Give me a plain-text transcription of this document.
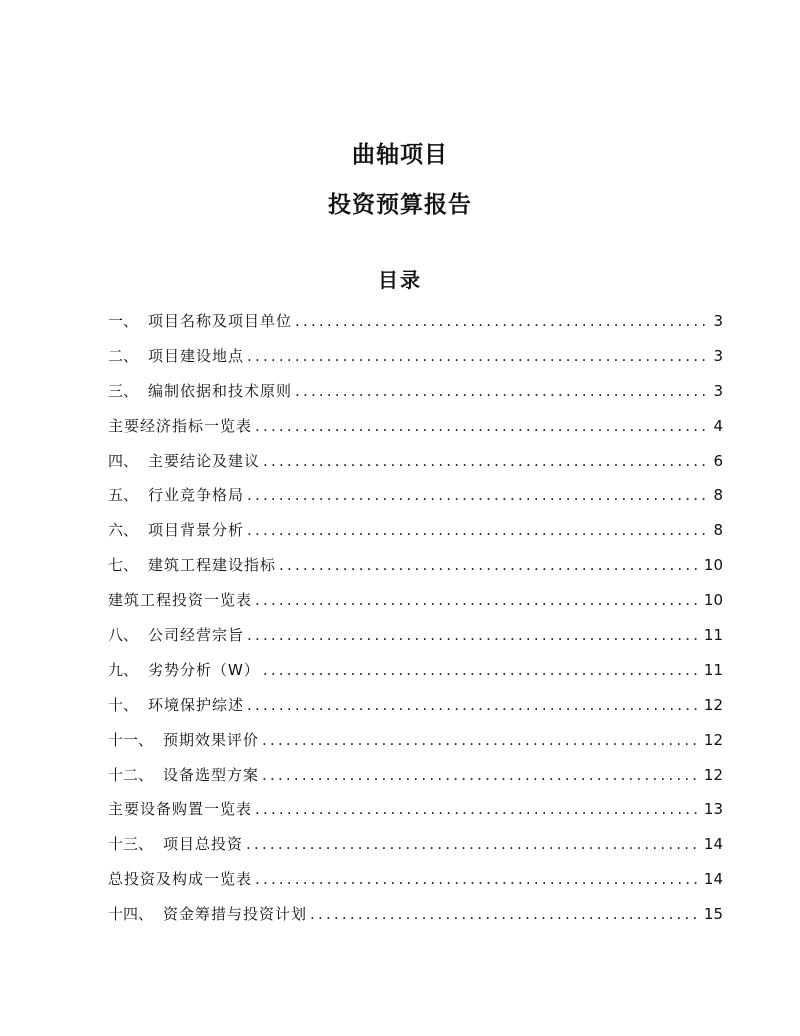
曲轴项目
投资预算报告
目录
一、 项目名称及项目单位 .....	3
二、 项目建设地点 .....	3
三、 编制依据和技术原则 .....	3
主要经济指标一览表 .....	4
四、 主要结论及建议 .....	6
五、 行业竞争格局 .....	8
六、 项目背景分析 .....	8
七、 建筑工程建设指标 .....	10
建筑工程投资一览表 .....	10
八、 公司经营宗旨 .....	11
九、 劣势分析（W） .....	11
十、 环境保护综述 .....	12
十一、 预期效果评价 .....	12
十二、 设备选型方案 .....	12
主要设备购置一览表 .....	13
十三、 项目总投资 .....	14
总投资及构成一览表 .....	14
十四、 资金筹措与投资计划 .....	15
